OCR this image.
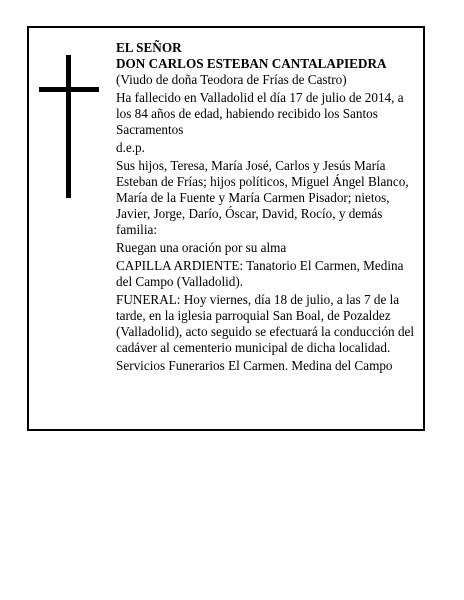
EL SEÑOR

DON CARLOS ESTEBAN CANTALAPIEDRA

(Viudo de doña Teodora de Frías de Castro)

Ha fallecido en Valladolid el día 17 de julio de 2014, a los 84 años de edad, habiendo recibido los Santos Sacramentos

d.e.p.

Sus hijos, Teresa, María José, Carlos y Jesús María Esteban de Frías; hijos políticos, Miguel Ángel Blanco, María de la Fuente y María Carmen Pisador; nietos, Javier, Jorge, Darío, Óscar, David, Rocío, y demás familia:

Ruegan una oración por su alma

CAPILLA ARDIENTE: Tanatorio El Carmen, Medina del Campo (Valladolid).

FUNERAL: Hoy viernes, día 18 de julio, a las 7 de la tarde, en la iglesia parroquial San Boal, de Pozaldez (Valladolid), acto seguido se efectuará la conducción del cadáver al cementerio municipal de dicha localidad.

Servicios Funerarios El Carmen. Medina del Campo
